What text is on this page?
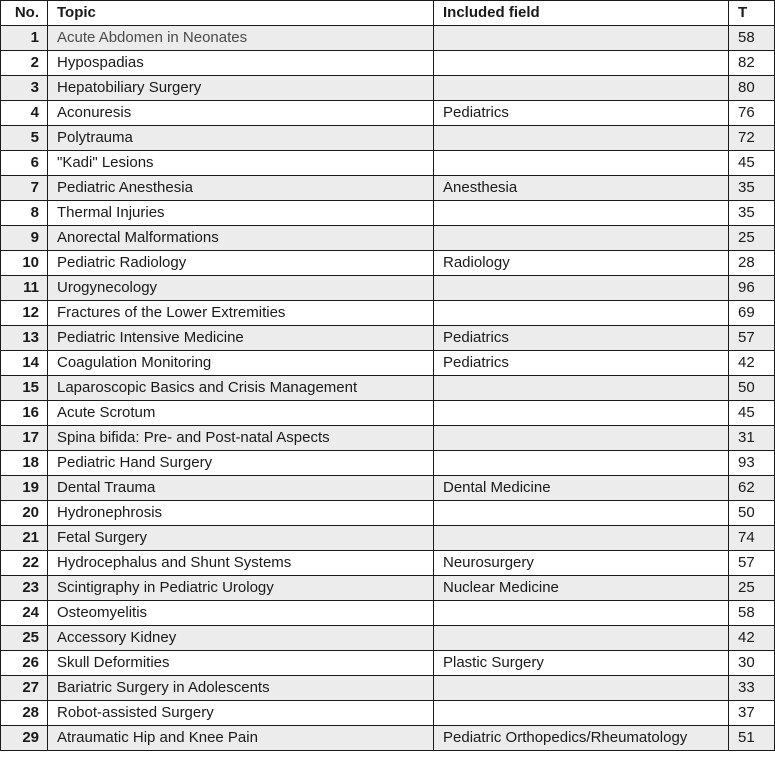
No.	Topic	Included field	T
1	Acute Abdomen in Neonates		58
2	Hypospadias		82
3	Hepatobiliary Surgery		80
4	Aconuresis	Pediatrics	76
5	Polytrauma		72
6	"Kadi" Lesions		45
7	Pediatric Anesthesia	Anesthesia	35
8	Thermal Injuries		35
9	Anorectal Malformations		25
10	Pediatric Radiology	Radiology	28
11	Urogynecology		96
12	Fractures of the Lower Extremities		69
13	Pediatric Intensive Medicine	Pediatrics	57
14	Coagulation Monitoring	Pediatrics	42
15	Laparoscopic Basics and Crisis Management		50
16	Acute Scrotum		45
17	Spina bifida: Pre- and Post-natal Aspects		31
18	Pediatric Hand Surgery		93
19	Dental Trauma	Dental Medicine	62
20	Hydronephrosis		50
21	Fetal Surgery		74
22	Hydrocephalus and Shunt Systems	Neurosurgery	57
23	Scintigraphy in Pediatric Urology	Nuclear Medicine	25
24	Osteomyelitis		58
25	Accessory Kidney		42
26	Skull Deformities	Plastic Surgery	30
27	Bariatric Surgery in Adolescents		33
28	Robot-assisted Surgery		37
29	Atraumatic Hip and Knee Pain	Pediatric Orthopedics/Rheumatology	51
